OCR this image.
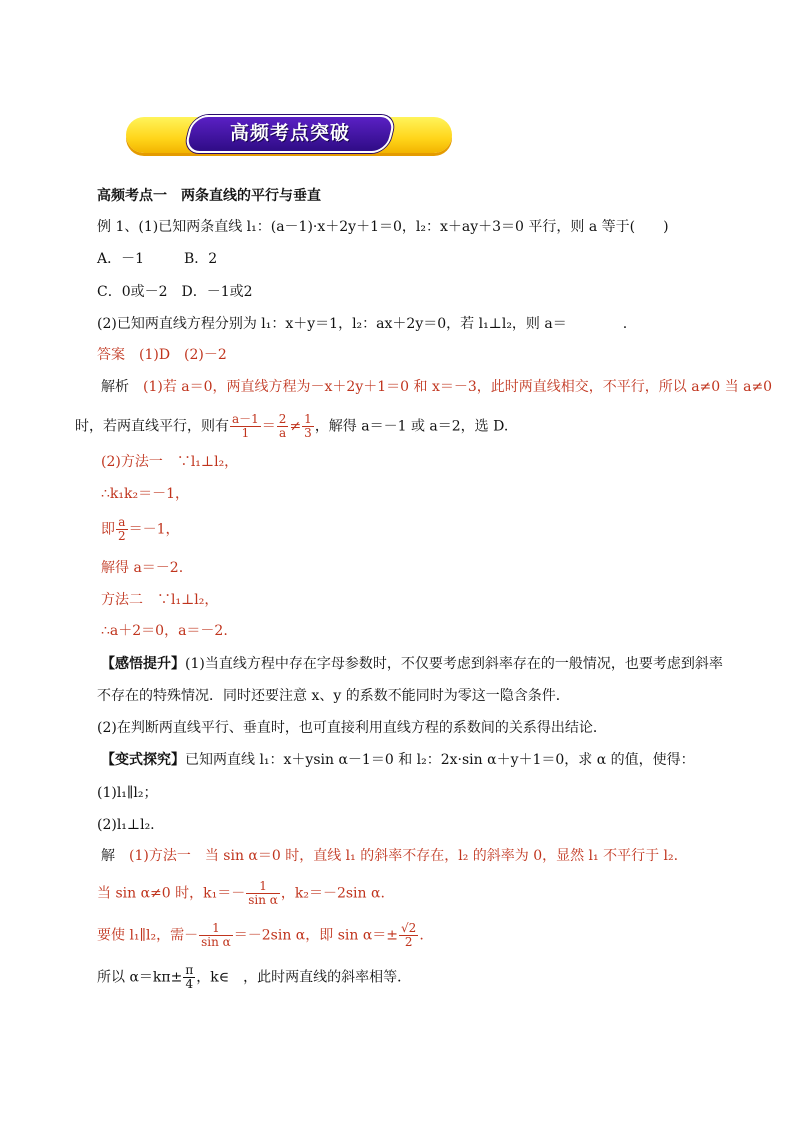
高频考点突破
高频考点一　两条直线的平行与垂直
例 1、(1)已知两条直线 l₁：(a－1)·x＋2y＋1＝0，l₂：x＋ay＋3＝0 平行，则 a 等于(　　)
A．－1	B．2
C．0或－2　D．－1或2
(2)已知两直线方程分别为 l₁：x＋y＝1，l₂：ax＋2y＝0，若 l₁⊥l₂，则 a＝　　　　.
答案　 (1)D　(2)－2
解析　 (1)若 a＝0，两直线方程为－x＋2y＋1＝0 和 x＝－3，此时两直线相交，不平行，所以 a≠0 当 a≠0
时，若两直线平行，则有 $\frac{a-1}{1} = \frac{2}{a} \ne \frac{1}{3}$ ，解得 a＝－1 或 a＝2，选 D.
(2)方法一　∵l₁⊥l₂，
∴k₁k₂＝－1，
即 $\frac{a}{2} =-1$，
解得 a＝－2.
方法二　∵l₁⊥l₂，
∴a＋2＝0，a＝－2.
【感悟提升】(1)当直线方程中存在字母参数时，不仅要考虑到斜率存在的一般情况，也要考虑到斜率
不存在的特殊情况．同时还要注意 x、y 的系数不能同时为零这一隐含条件．
(2)在判断两直线平行、垂直时，也可直接利用直线方程的系数间的关系得出结论．
【变式探究】已知两直线 l₁：x＋ysin α－1＝0 和 l₂：2x·sin α＋y＋1＝0，求 α 的值，使得：
(1)l₁∥l₂；
(2)l₁⊥l₂.
解　 (1)方法一　当 sin α＝0 时，直线 l₁ 的斜率不存在，l₂ 的斜率为 0，显然 l₁ 不平行于 l₂.
当 sin α≠0 时，$k_1=- \frac{1}{\text{sin α}}$ ，k₂＝－2sin α.
要使 l₁∥l₂，需－ $\frac{1}{\text{sin α}} =-2\sin$ α，即 $\sin \alpha=\pm \frac{√2}{2}$ .
所以 $\alpha=k\pi\pm \frac{\pi}{4}$ ，k∈　，此时两直线的斜率相等．
